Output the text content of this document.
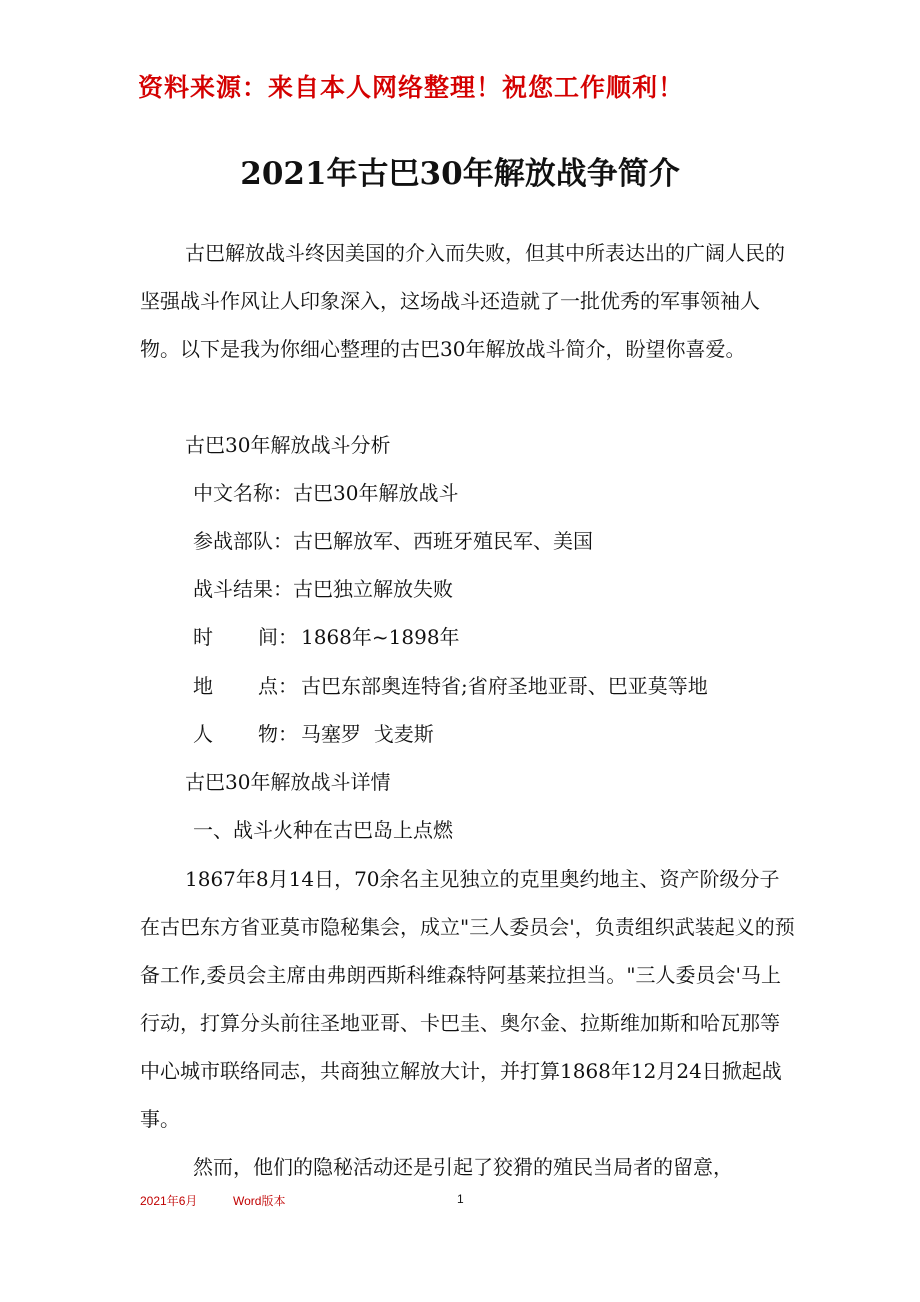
资料来源：来自本人网络整理！祝您工作顺利！
2021年古巴30年解放战争简介

古巴解放战斗终因美国的介入而失败，但其中所表达出的广阔人民的坚强战斗作风让人印象深入，这场战斗还造就了一批优秀的军事领袖人物。以下是我为你细心整理的古巴30年解放战斗简介，盼望你喜爱。

古巴30年解放战斗分析
中文名称：古巴30年解放战斗
参战部队：古巴解放军、西班牙殖民军、美国
战斗结果：古巴独立解放失败
时 间： 1868年~1898年
地 点： 古巴东部奥连特省;省府圣地亚哥、巴亚莫等地
人 物： 马塞罗  戈麦斯
古巴30年解放战斗详情
一、战斗火种在古巴岛上点燃

1867年8月14日，70余名主见独立的克里奥约地主、资产阶级分子在古巴东方省亚莫市隐秘集会，成立"三人委员会'，负责组织武装起义的预备工作,委员会主席由弗朗西斯科维森特阿基莱拉担当。"三人委员会'马上行动，打算分头前往圣地亚哥、卡巴圭、奥尔金、拉斯维加斯和哈瓦那等中心城市联络同志，共商独立解放大计，并打算1868年12月24日掀起战事。

然而，他们的隐秘活动还是引起了狡猾的殖民当局者的留意，
2021年6月	Word版本	1
